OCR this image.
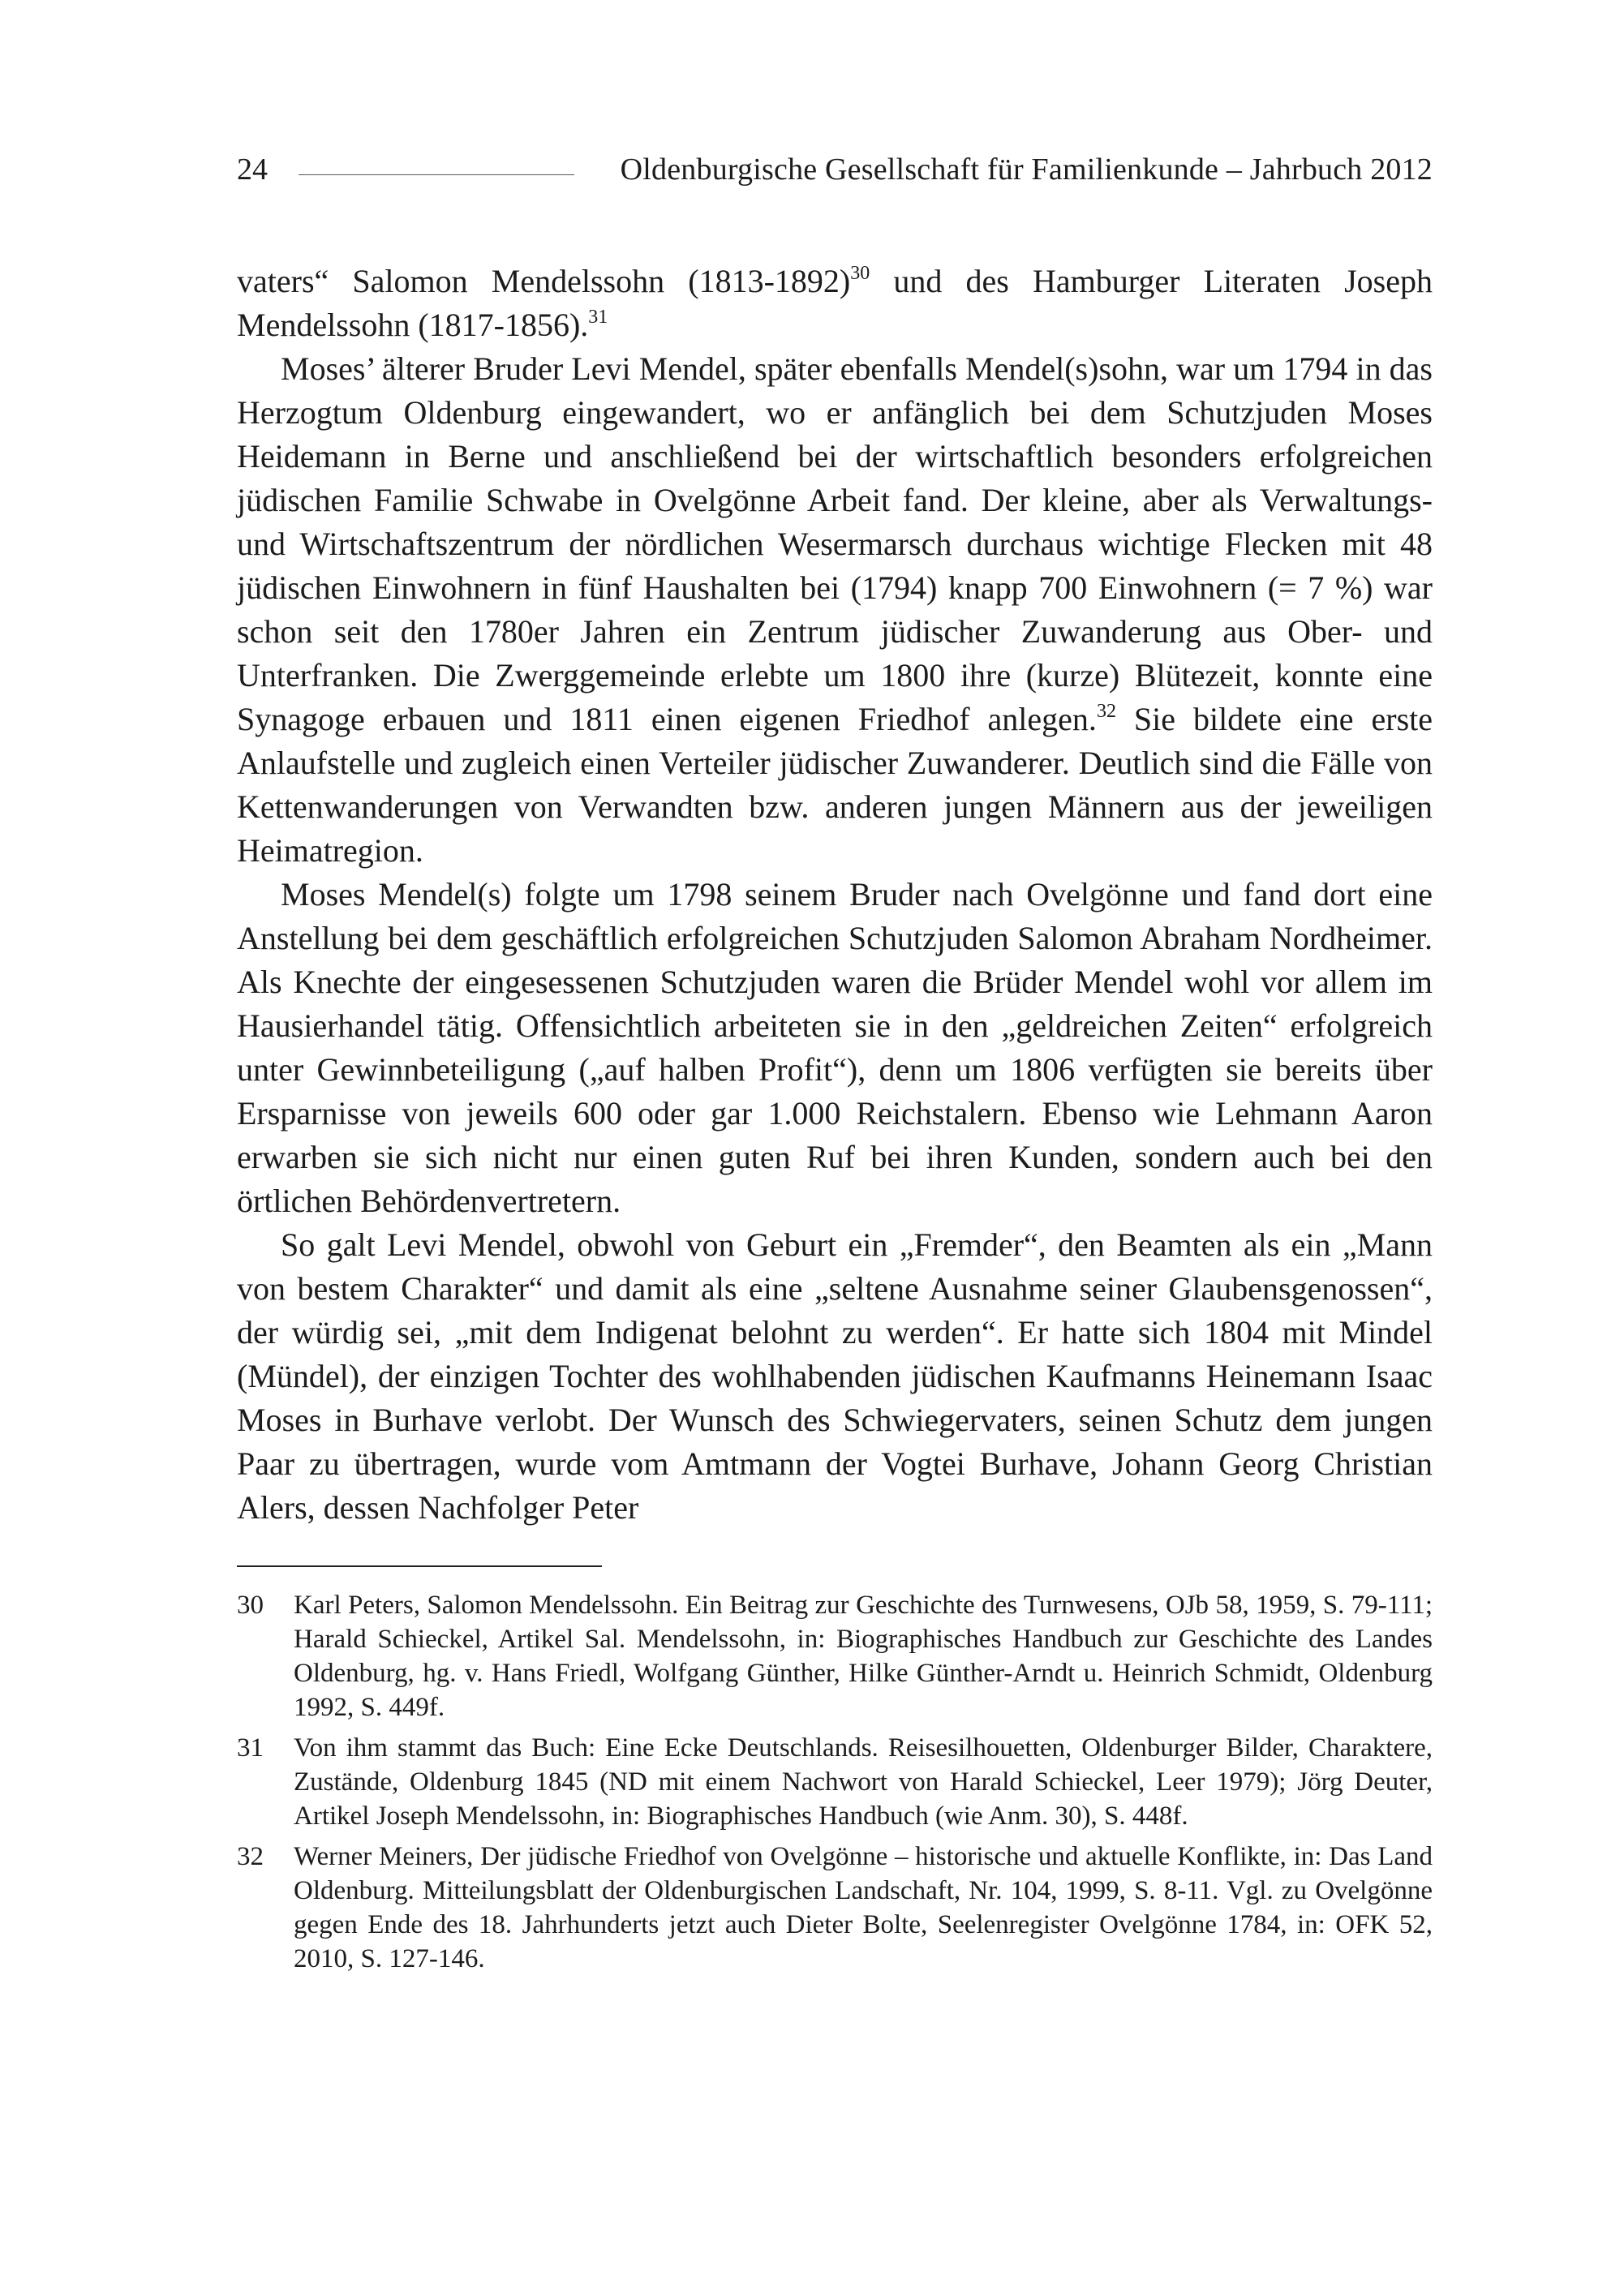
24	Oldenburgische Gesellschaft für Familienkunde – Jahrbuch 2012

vaters“ Salomon Mendelssohn (1813-1892)$^{30}$ und des Hamburger Literaten Joseph Mendelssohn (1817-1856).$^{31}$

Moses’ älterer Bruder Levi Mendel, später ebenfalls Mendel(s)sohn, war um 1794 in das Herzogtum Oldenburg eingewandert, wo er anfänglich bei dem Schutzjuden Moses Heidemann in Berne und anschließend bei der wirtschaftlich besonders erfolgreichen jüdischen Familie Schwabe in Ovelgönne Arbeit fand. Der kleine, aber als Verwaltungs- und Wirtschaftszentrum der nördlichen Wesermarsch durchaus wichtige Flecken mit 48 jüdischen Einwohnern in fünf Haushalten bei (1794) knapp 700 Einwohnern (= 7 %) war schon seit den 1780er Jahren ein Zentrum jüdischer Zuwanderung aus Ober- und Unterfranken. Die Zwerggemeinde erlebte um 1800 ihre (kurze) Blütezeit, konnte eine Synagoge erbauen und 1811 einen eigenen Friedhof anlegen.$^{32}$ Sie bildete eine erste Anlaufstelle und zugleich einen Verteiler jüdischer Zuwanderer. Deutlich sind die Fälle von Kettenwanderungen von Verwandten bzw. anderen jungen Männern aus der jeweiligen Heimatregion.

Moses Mendel(s) folgte um 1798 seinem Bruder nach Ovelgönne und fand dort eine Anstellung bei dem geschäftlich erfolgreichen Schutzjuden Salomon Abraham Nordheimer. Als Knechte der eingesessenen Schutzjuden waren die Brüder Mendel wohl vor allem im Hausierhandel tätig. Offensichtlich arbeiteten sie in den „geldreichen Zeiten“ erfolgreich unter Gewinnbeteiligung („auf halben Profit“), denn um 1806 verfügten sie bereits über Ersparnisse von jeweils 600 oder gar 1.000 Reichstalern. Ebenso wie Lehmann Aaron erwarben sie sich nicht nur einen guten Ruf bei ihren Kunden, sondern auch bei den örtlichen Behördenvertretern.

So galt Levi Mendel, obwohl von Geburt ein „Fremder“, den Beamten als ein „Mann von bestem Charakter“ und damit als eine „seltene Ausnahme seiner Glaubensgenossen“, der würdig sei, „mit dem Indigenat belohnt zu werden“. Er hatte sich 1804 mit Mindel (Mündel), der einzigen Tochter des wohlhabenden jüdischen Kaufmanns Heinemann Isaac Moses in Burhave verlobt. Der Wunsch des Schwiegervaters, seinen Schutz dem jungen Paar zu übertragen, wurde vom Amtmann der Vogtei Burhave, Johann Georg Christian Alers, dessen Nachfolger Peter

30 Karl Peters, Salomon Mendelssohn. Ein Beitrag zur Geschichte des Turnwesens, OJb 58, 1959, S. 79-111; Harald Schieckel, Artikel Sal. Mendelssohn, in: Biographisches Handbuch zur Geschichte des Landes Oldenburg, hg. v. Hans Friedl, Wolfgang Günther, Hilke Günther-Arndt u. Heinrich Schmidt, Oldenburg 1992, S. 449f.
31 Von ihm stammt das Buch: Eine Ecke Deutschlands. Reisesilhouetten, Oldenburger Bilder, Charaktere, Zustände, Oldenburg 1845 (ND mit einem Nachwort von Harald Schieckel, Leer 1979); Jörg Deuter, Artikel Joseph Mendelssohn, in: Biographisches Handbuch (wie Anm. 30), S. 448f.
32 Werner Meiners, Der jüdische Friedhof von Ovelgönne – historische und aktuelle Konflikte, in: Das Land Oldenburg. Mitteilungsblatt der Oldenburgischen Landschaft, Nr. 104, 1999, S. 8-11. Vgl. zu Ovelgönne gegen Ende des 18. Jahrhunderts jetzt auch Dieter Bolte, Seelenregister Ovelgönne 1784, in: OFK 52, 2010, S. 127-146.
